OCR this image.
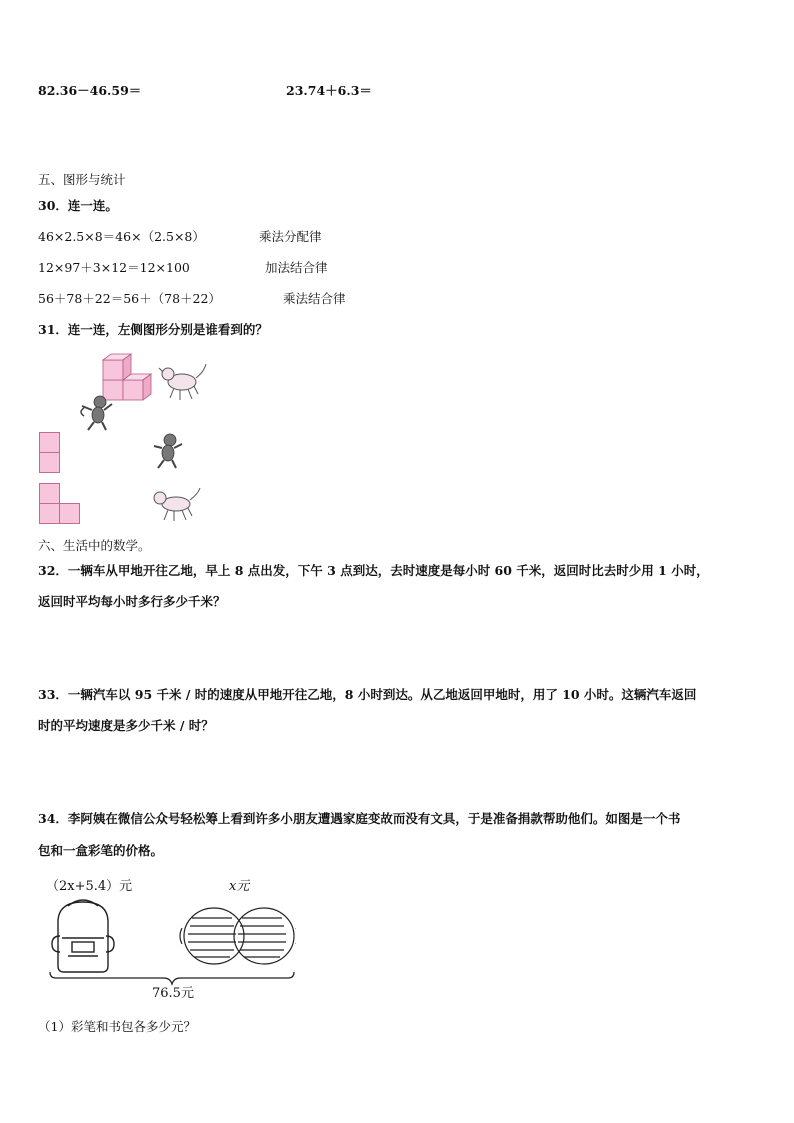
82.36－46.59＝	23.74＋6.3＝
五、图形与统计
30．连一连。
46×2.5×8＝46×（2.5×8）	乘法分配律
12×97＋3×12＝12×100	加法结合律
56＋78＋22＝56＋（78＋22）	乘法结合律
31．连一连，左侧图形分别是谁看到的？
六、生活中的数学。
32．一辆车从甲地开往乙地，早上 8 点出发，下午 3 点到达，去时速度是每小时 60 千米，返回时比去时少用 1 小时，
返回时平均每小时多行多少千米？
33．一辆汽车以 95 千米 / 时的速度从甲地开往乙地，8 小时到达。从乙地返回甲地时，用了 10 小时。这辆汽车返回
时的平均速度是多少千米 / 时？
34．李阿姨在微信公众号轻松筹上看到许多小朋友遭遇家庭变故而没有文具，于是准备捐款帮助他们。如图是一个书
包和一盒彩笔的价格。
（2x+5.4）元	x元
76.5元
（1）彩笔和书包各多少元？
